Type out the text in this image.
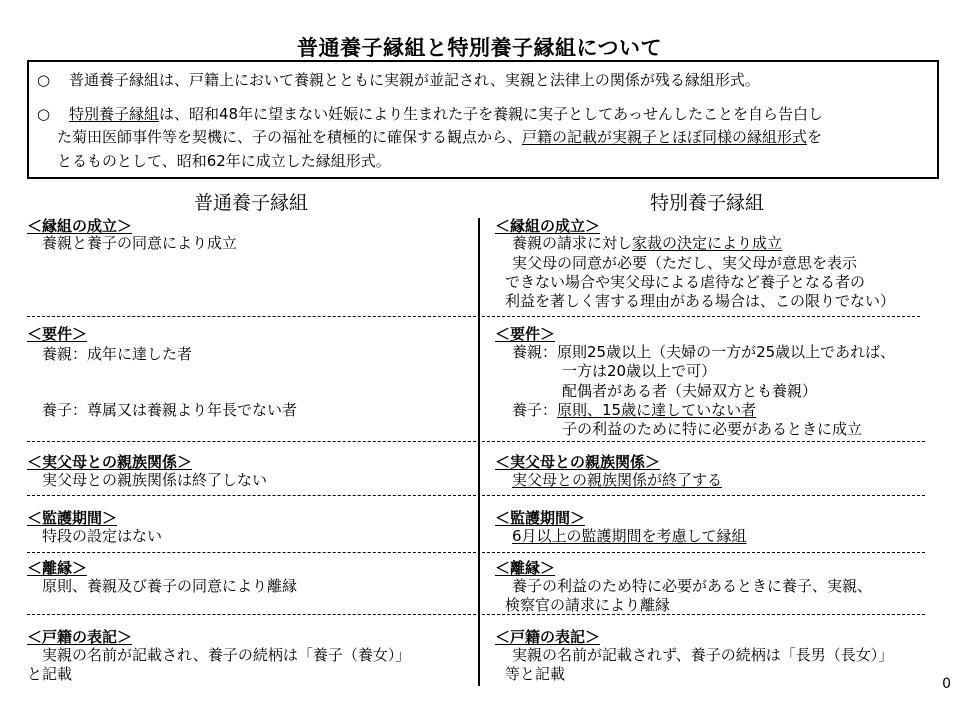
普通養子縁組と特別養子縁組について
○ 普通養子縁組は、戸籍上において養親とともに実親が並記され、実親と法律上の関係が残る縁組形式。
○ 特別養子縁組は、昭和48年に望まない妊娠により生まれた子を養親に実子としてあっせんしたことを自ら告白し
た菊田医師事件等を契機に、子の福祉を積極的に確保する観点から、戸籍の記載が実親子とほぼ同様の縁組形式を
とるものとして、昭和62年に成立した縁組形式。
普通養子縁組	特別養子縁組
＜縁組の成立＞
養親と養子の同意により成立
＜要件＞
養親：成年に達した者
養子：尊属又は養親より年長でない者
＜実父母との親族関係＞
実父母との親族関係は終了しない
＜監護期間＞
特段の設定はない
＜離縁＞
原則、養親及び養子の同意により離縁
＜戸籍の表記＞
実親の名前が記載され、養子の続柄は「養子（養女）」
と記載
＜縁組の成立＞
養親の請求に対し家裁の決定により成立
実父母の同意が必要（ただし、実父母が意思を表示
できない場合や実父母による虐待など養子となる者の
利益を著しく害する理由がある場合は、この限りでない）
＜要件＞
養親：原則25歳以上（夫婦の一方が25歳以上であれば、
一方は20歳以上で可）
配偶者がある者（夫婦双方とも養親）
養子：原則、15歳に達していない者
子の利益のために特に必要があるときに成立
＜実父母との親族関係＞
実父母との親族関係が終了する
＜監護期間＞
6月以上の監護期間を考慮して縁組
＜離縁＞
養子の利益のため特に必要があるときに養子、実親、
検察官の請求により離縁
＜戸籍の表記＞
実親の名前が記載されず、養子の続柄は「長男（長女）」
等と記載
0
